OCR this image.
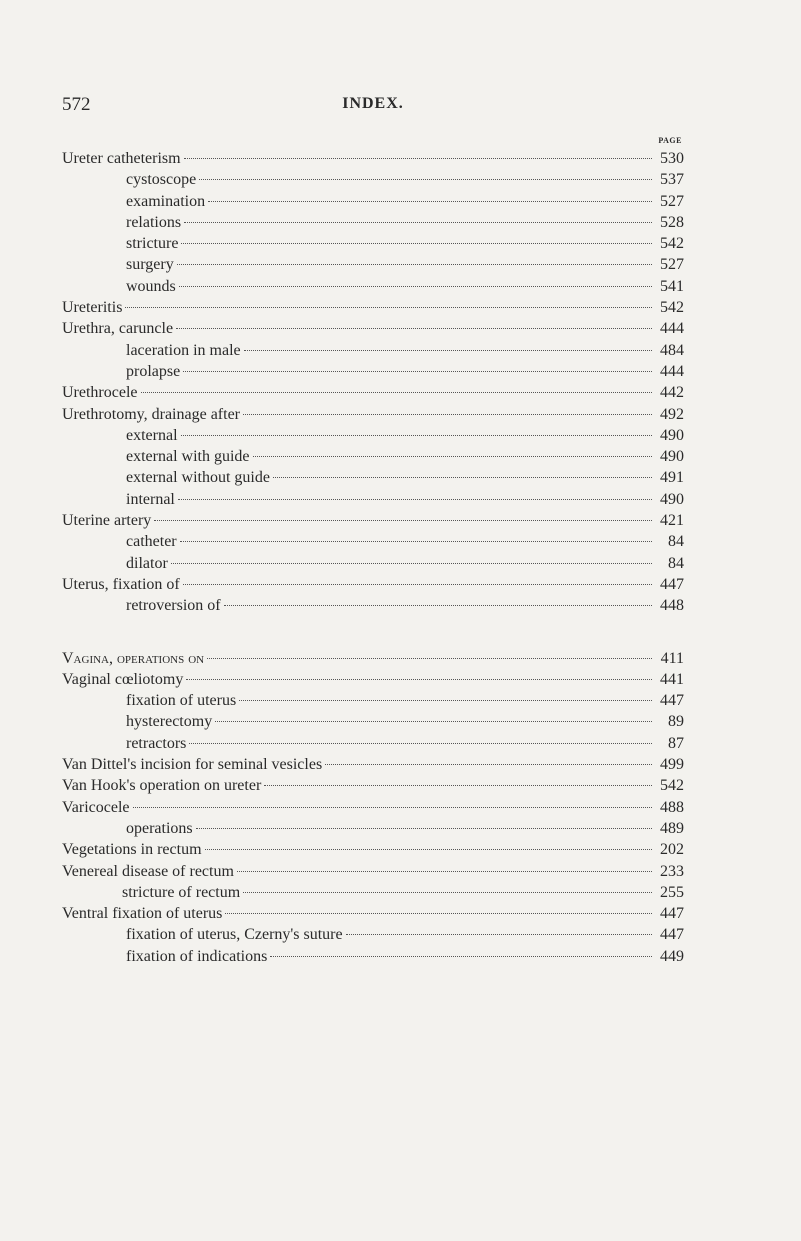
572	INDEX.
PAGE
Ureter catheterism	530
cystoscope	537
examination	527
relations	528
stricture	542
surgery	527
wounds	541
Ureteritis	542
Urethra, caruncle	444
laceration in male	484
prolapse	444
Urethrocele	442
Urethrotomy, drainage after	492
external	490
external with guide	490
external without guide	491
internal	490
Uterine artery	421
catheter	84
dilator	84
Uterus, fixation of	447
retroversion of	448
Vagina, operations on	411
Vaginal cœliotomy	441
fixation of uterus	447
hysterectomy	89
retractors	87
Van Dittel's incision for seminal vesicles	499
Van Hook's operation on ureter	542
Varicocele	488
operations	489
Vegetations in rectum	202
Venereal disease of rectum	233
stricture of rectum	255
Ventral fixation of uterus	447
fixation of uterus, Czerny's suture	447
fixation of indications	449
